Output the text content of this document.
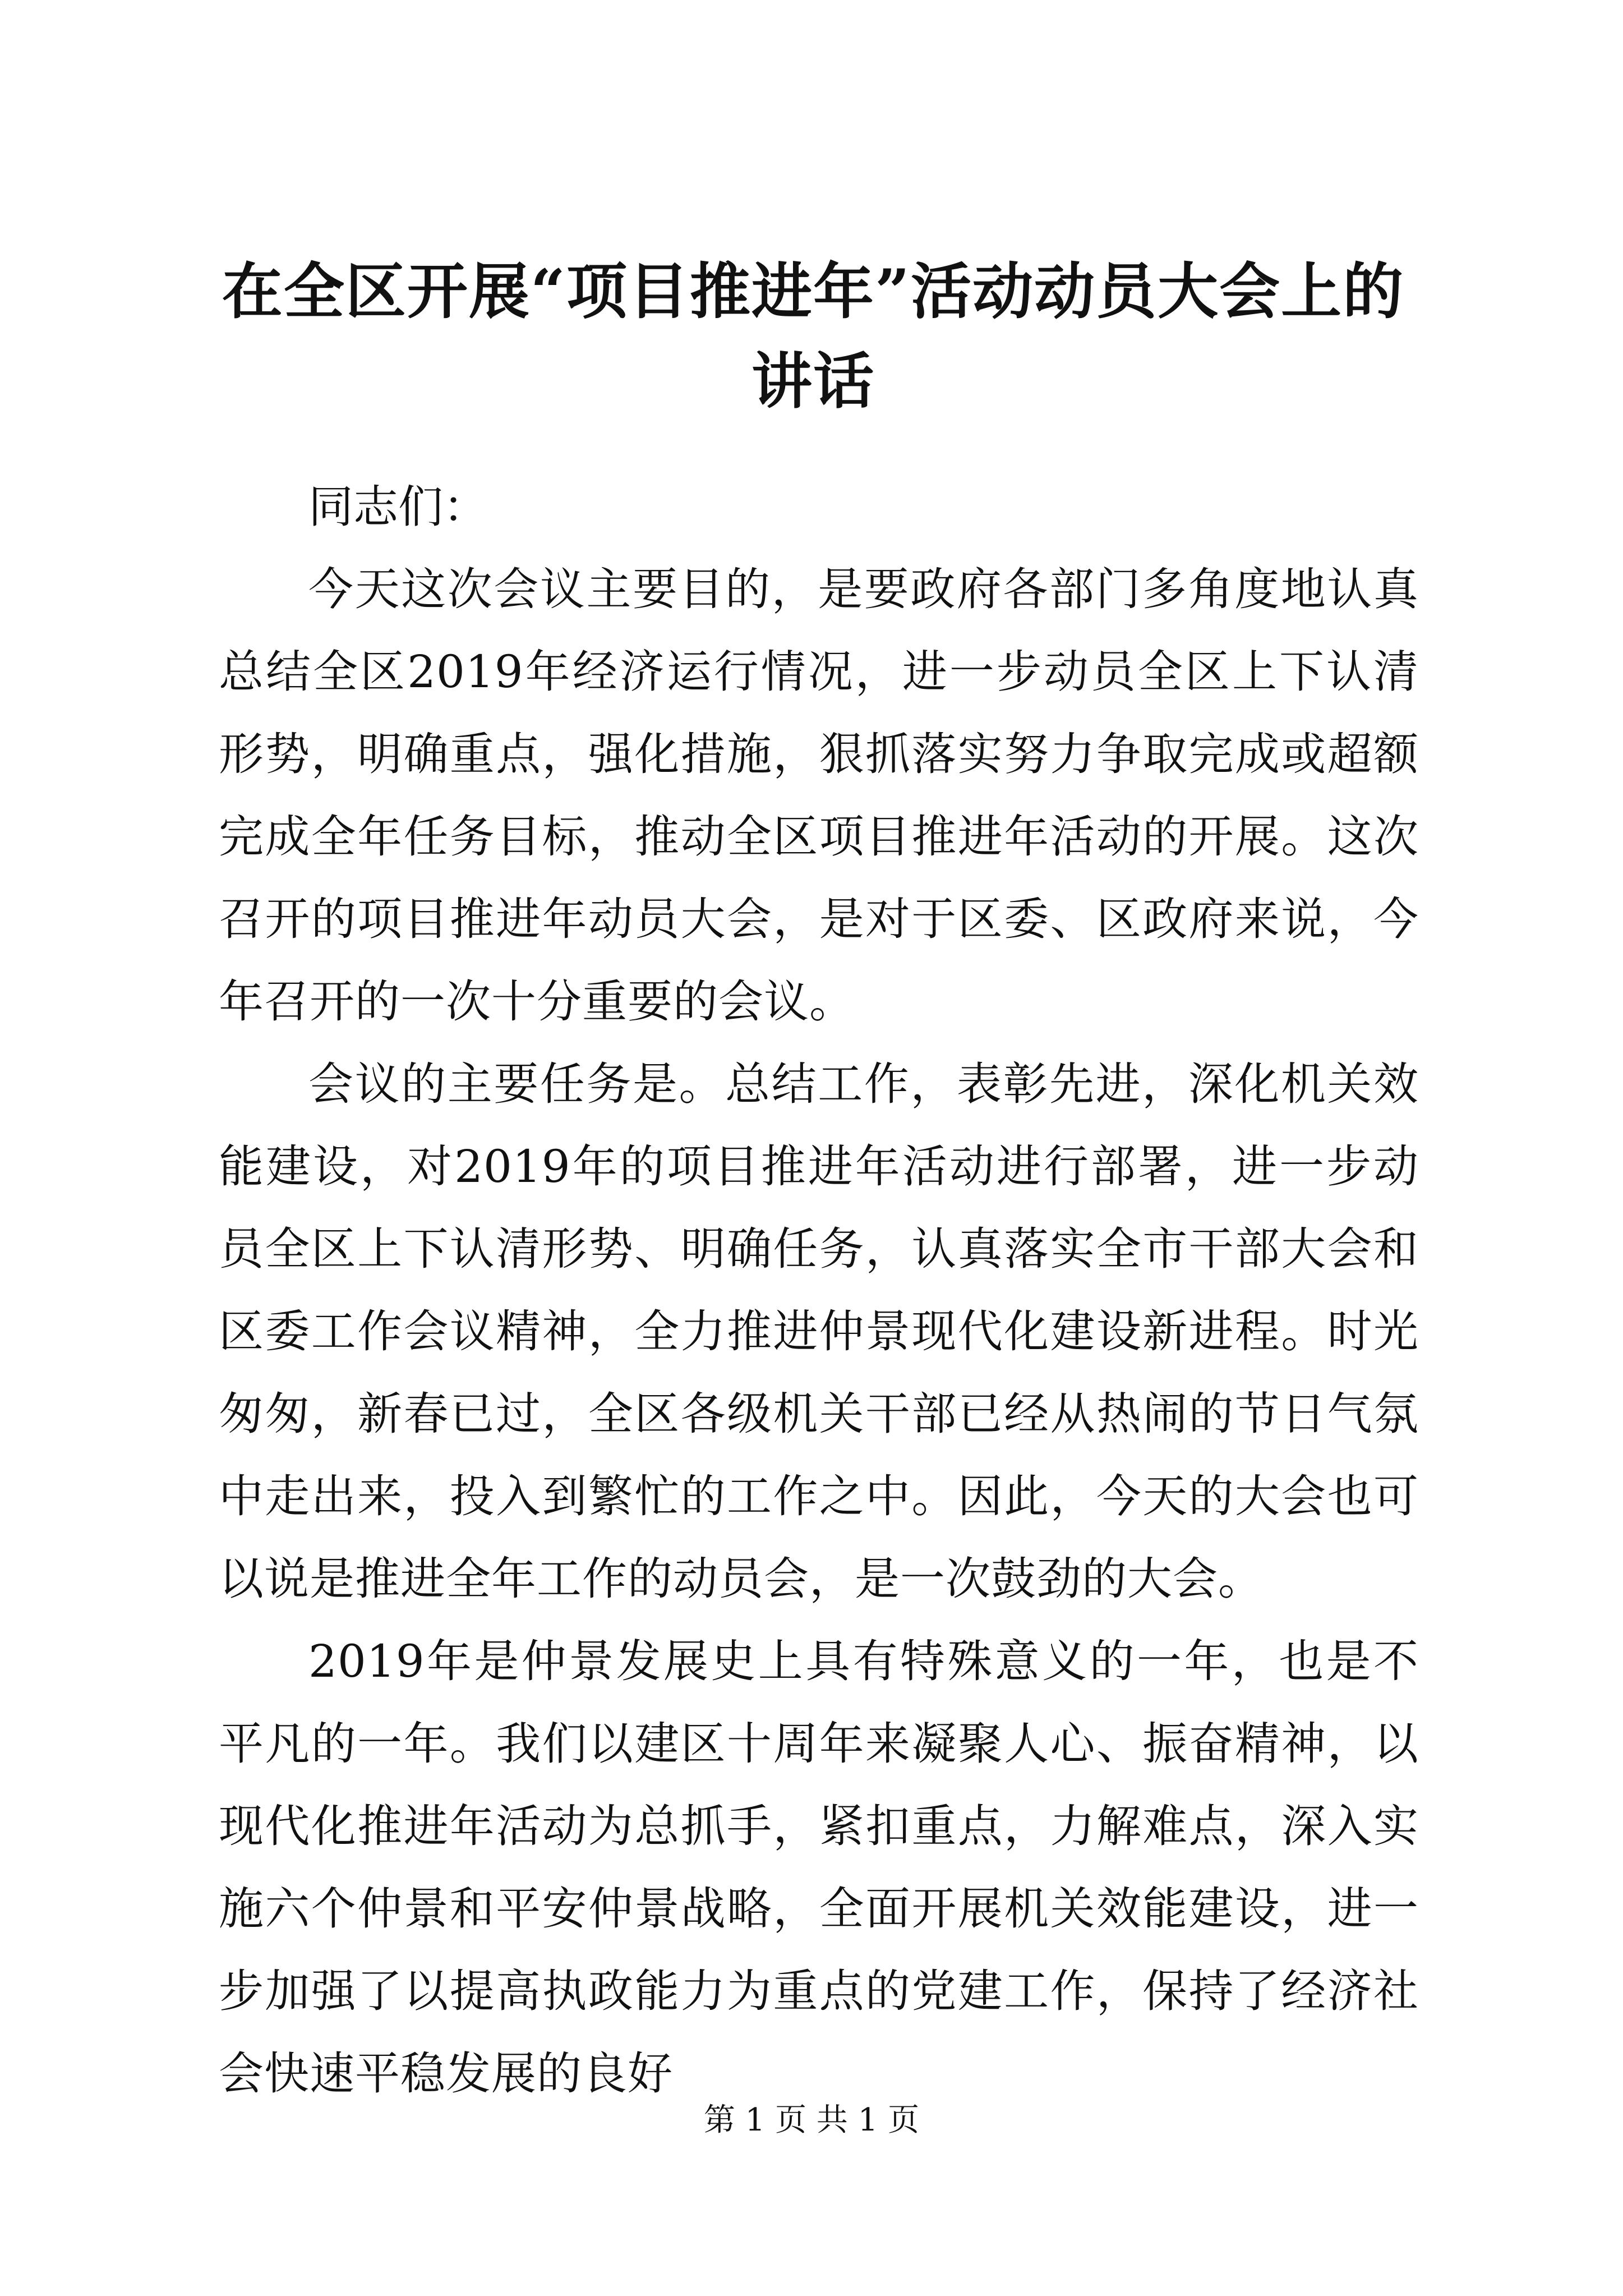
在全区开展“项目推进年”活动动员大会上的讲话

同志们：

今天这次会议主要目的，是要政府各部门多角度地认真总结全区2019年经济运行情况，进一步动员全区上下认清形势，明确重点，强化措施，狠抓落实努力争取完成或超额完成全年任务目标，推动全区项目推进年活动的开展。这次召开的项目推进年动员大会，是对于区委、区政府来说，今年召开的一次十分重要的会议。

会议的主要任务是。总结工作，表彰先进，深化机关效能建设，对2019年的项目推进年活动进行部署，进一步动员全区上下认清形势、明确任务，认真落实全市干部大会和区委工作会议精神，全力推进仲景现代化建设新进程。时光匆匆，新春已过，全区各级机关干部已经从热闹的节日气氛中走出来，投入到繁忙的工作之中。因此，今天的大会也可以说是推进全年工作的动员会，是一次鼓劲的大会。

2019年是仲景发展史上具有特殊意义的一年，也是不平凡的一年。我们以建区十周年来凝聚人心、振奋精神，以现代化推进年活动为总抓手，紧扣重点，力解难点，深入实施六个仲景和平安仲景战略，全面开展机关效能建设，进一步加强了以提高执政能力为重点的党建工作，保持了经济社会快速平稳发展的良好

第 1 页 共 1 页
